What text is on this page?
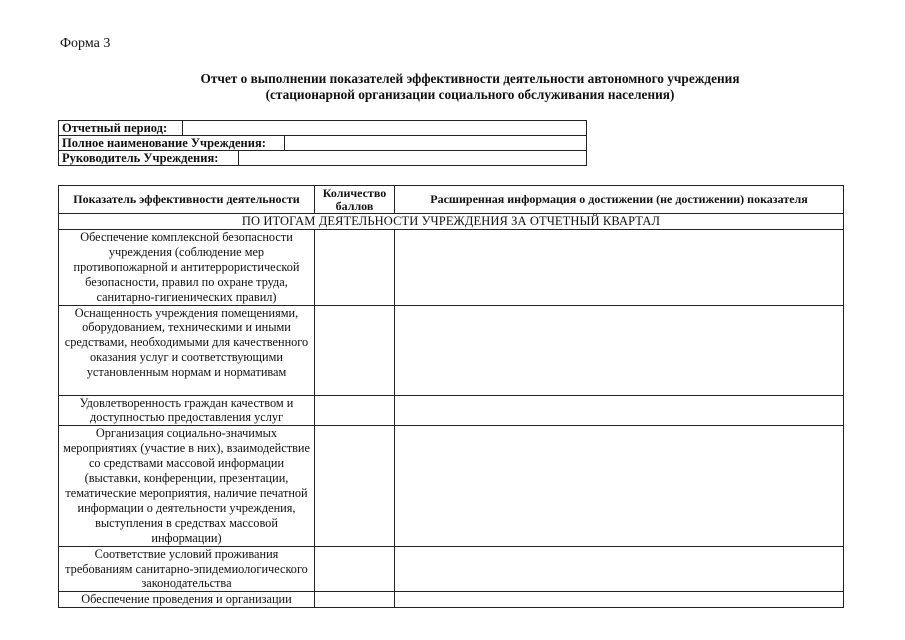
Форма 3
Отчет о выполнении показателей эффективности деятельности автономного учреждения
(стационарной организации социального обслуживания населения)
Отчетный период:
Полное наименование Учреждения:
Руководитель Учреждения:
Показатель эффективности деятельности	Количество баллов	Расширенная информация о достижении (не достижении) показателя
ПО ИТОГАМ ДЕЯТЕЛЬНОСТИ УЧРЕЖДЕНИЯ ЗА ОТЧЕТНЫЙ КВАРТАЛ		
Обеспечение комплексной безопасности учреждения (соблюдение мер противопожарной и антитеррористической безопасности, правил по охране труда, санитарно-гигиенических правил)		
Оснащенность учреждения помещениями, оборудованием, техническими и иными средствами, необходимыми для качественного оказания услуг и соответствующими установленным нормам и нормативам		
Удовлетворенность граждан качеством и доступностью предоставления услуг		
Организация социально-значимых мероприятиях (участие в них), взаимодействие со средствами массовой информации (выставки, конференции, презентации, тематические мероприятия, наличие печатной информации о деятельности учреждения, выступления в средствах массовой информации)		
Соответствие условий проживания требованиям санитарно-эпидемиологического законодательства		
Обеспечение проведения и организации		
